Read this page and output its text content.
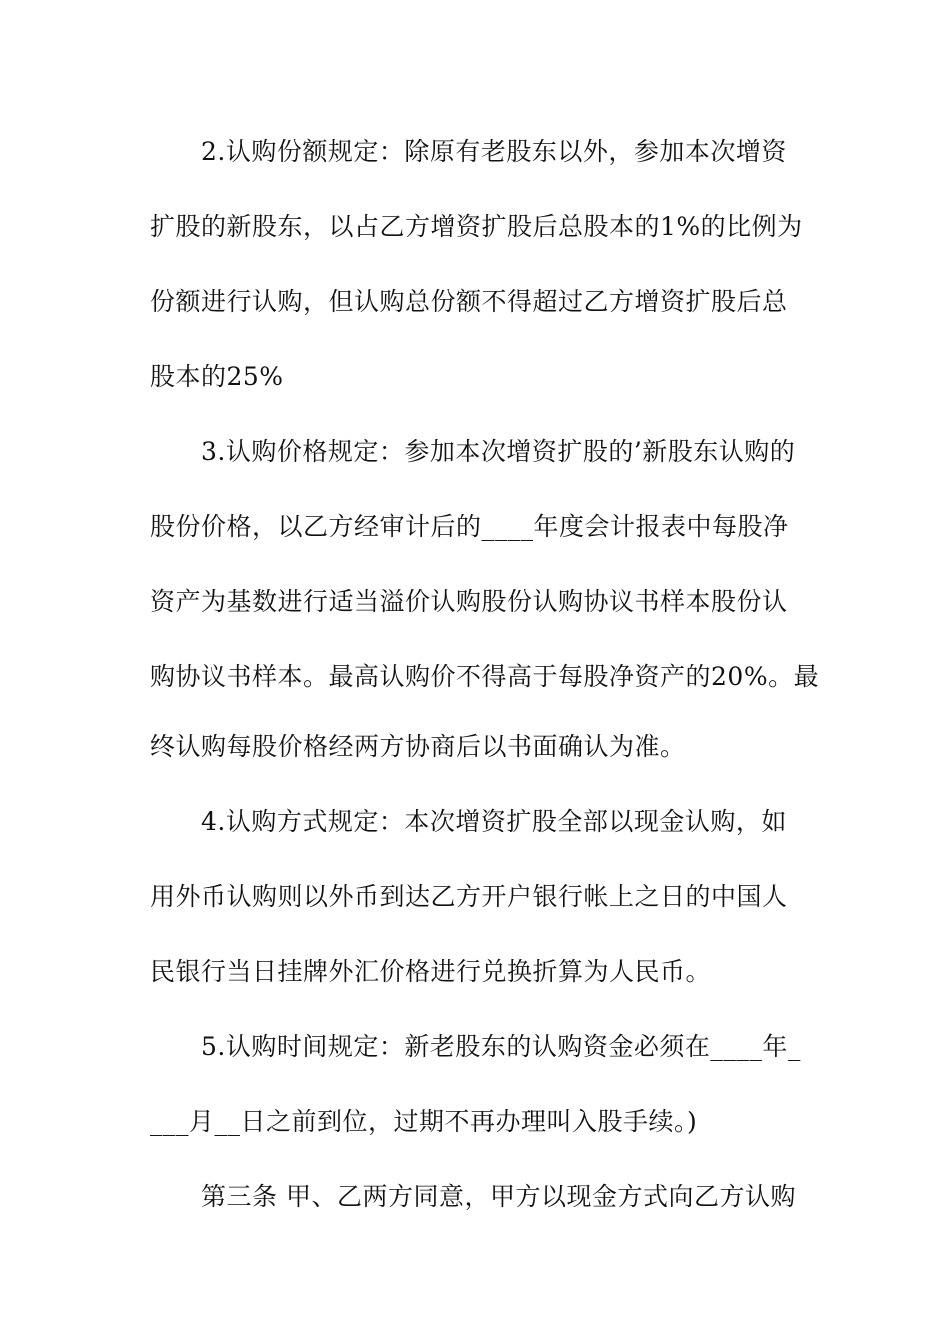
2.认购份额规定：除原有老股东以外，参加本次增资
扩股的新股东，以占乙方增资扩股后总股本的1%的比例为
份额进行认购，但认购总份额不得超过乙方增资扩股后总
股本的25%
3.认购价格规定：参加本次增资扩股的’新股东认购的
股份价格，以乙方经审计后的____年度会计报表中每股净
资产为基数进行适当溢价认购股份认购协议书样本股份认
购协议书样本。最高认购价不得高于每股净资产的20%。最
终认购每股价格经两方协商后以书面确认为准。
4.认购方式规定：本次增资扩股全部以现金认购，如
用外币认购则以外币到达乙方开户银行帐上之日的中国人
民银行当日挂牌外汇价格进行兑换折算为人民币。
5.认购时间规定：新老股东的认购资金必须在____年_
___月__日之前到位，过期不再办理叫入股手续。)
第三条 甲、乙两方同意，甲方以现金方式向乙方认购
